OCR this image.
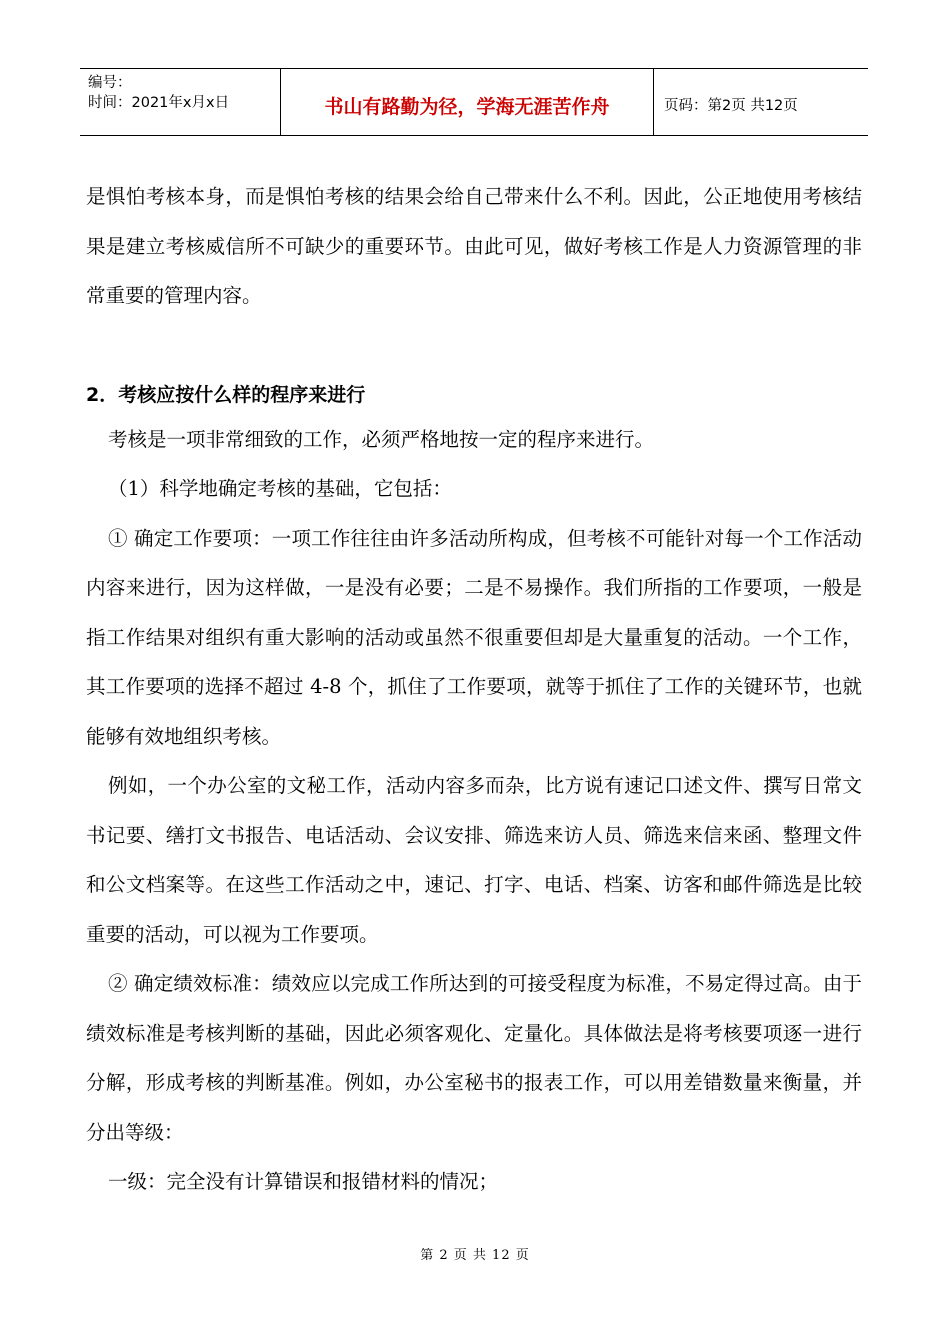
编号：
时间：2021年x月x日	书山有路勤为径，学海无涯苦作舟	页码：第2页 共12页

是惧怕考核本身，而是惧怕考核的结果会给自己带来什么不利。因此，公正地使用考核结果是建立考核威信所不可缺少的重要环节。由此可见，做好考核工作是人力资源管理的非常重要的管理内容。

2．考核应按什么样的程序来进行

考核是一项非常细致的工作，必须严格地按一定的程序来进行。

（1）科学地确定考核的基础，它包括：

① 确定工作要项：一项工作往往由许多活动所构成，但考核不可能针对每一个工作活动内容来进行，因为这样做，一是没有必要；二是不易操作。我们所指的工作要项，一般是指工作结果对组织有重大影响的活动或虽然不很重要但却是大量重复的活动。一个工作，其工作要项的选择不超过 4-8 个，抓住了工作要项，就等于抓住了工作的关键环节，也就能够有效地组织考核。

例如，一个办公室的文秘工作，活动内容多而杂，比方说有速记口述文件、撰写日常文书记要、缮打文书报告、电话活动、会议安排、筛选来访人员、筛选来信来函、整理文件和公文档案等。在这些工作活动之中，速记、打字、电话、档案、访客和邮件筛选是比较重要的活动，可以视为工作要项。

② 确定绩效标准：绩效应以完成工作所达到的可接受程度为标准，不易定得过高。由于绩效标准是考核判断的基础，因此必须客观化、定量化。具体做法是将考核要项逐一进行分解，形成考核的判断基准。例如，办公室秘书的报表工作，可以用差错数量来衡量，并分出等级：

一级：完全没有计算错误和报错材料的情况；

第 2 页 共 12 页
